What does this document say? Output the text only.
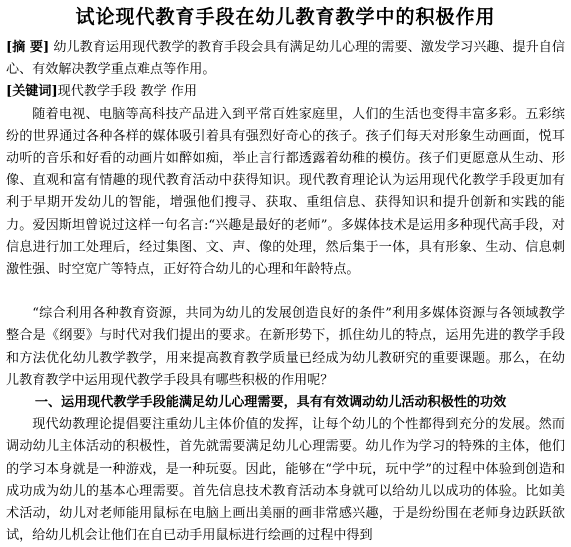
试论现代教育手段在幼儿教育教学中的积极作用

[摘 要] 幼儿教育运用现代教学的教育手段会具有满足幼儿心理的需要、激发学习兴趣、提升自信心、有效解决教学重点难点等作用。

[关键词]现代教学手段 教学 作用

随着电视、电脑等高科技产品进入到平常百姓家庭里，人们的生活也变得丰富多彩。五彩缤纷的世界通过各种各样的媒体吸引着具有强烈好奇心的孩子。孩子们每天对形象生动画面，悦耳动听的音乐和好看的动画片如醉如痴，举止言行都透露着幼稚的模仿。孩子们更愿意从生动、形像、直观和富有情趣的现代教育活动中获得知识。现代教育理论认为运用现代化教学手段更加有利于早期开发幼儿的智能，增强他们搜寻、获取、重组信息、获得知识和提升创新和实践的能力。爱因斯坦曾说过这样一句名言:“兴趣是最好的老师”。多媒体技术是运用多种现代高手段，对信息进行加工处理后，经过集图、文、声、像的处理，然后集于一体，具有形象、生动、信息刺激性强、时空宽广等特点，正好符合幼儿的心理和年龄特点。

“综合利用各种教育资源，共同为幼儿的发展创造良好的条件”利用多媒体资源与各领域教学整合是《纲要》与时代对我们提出的要求。在新形势下，抓住幼儿的特点，运用先进的教学手段和方法优化幼儿教学教学，用来提高教育教学质量已经成为幼儿教研究的重要课题。那么，在幼儿教育教学中运用现代教学手段具有哪些积极的作用呢？

一、运用现代教学手段能满足幼儿心理需要，具有有效调动幼儿活动积极性的功效

现代幼教理论提倡要注重幼儿主体价值的发挥，让每个幼儿的个性都得到充分的发展。然而调动幼儿主体活动的积极性，首先就需要满足幼儿心理需要。幼儿作为学习的特殊的主体，他们的学习本身就是一种游戏，是一种玩耍。因此，能够在“学中玩，玩中学”的过程中体验到创造和成功成为幼儿的基本心理需要。首先信息技术教育活动本身就可以给幼儿以成功的体验。比如美术活动，幼儿对老师能用鼠标在电脑上画出美丽的画非常感兴趣，于是纷纷围在老师身边跃跃欲试，给幼儿机会让他们在自已动手用鼠标进行绘画的过程中得到
